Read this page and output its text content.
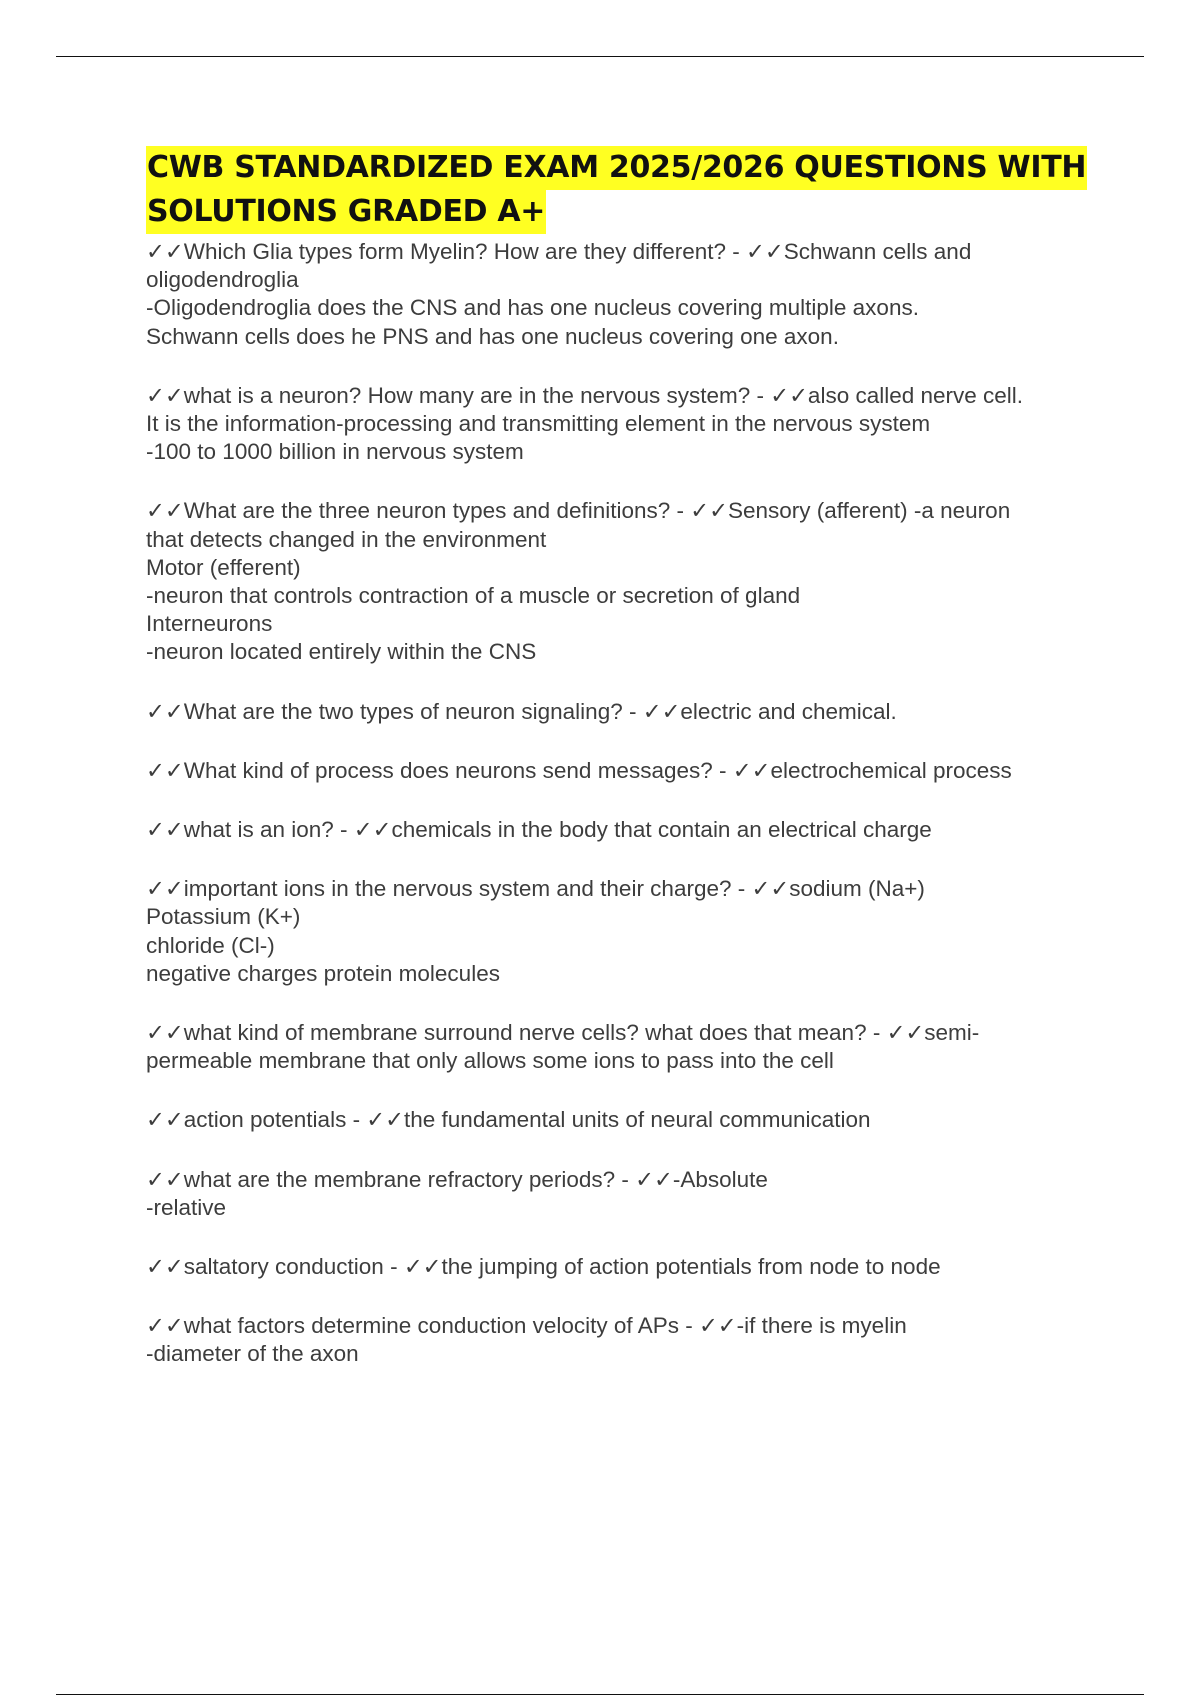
CWB STANDARDIZED EXAM 2025/2026 QUESTIONS WITH
SOLUTIONS GRADED A+

✓✓Which Glia types form Myelin? How are they different? - ✓✓Schwann cells and
oligodendroglia
-Oligodendroglia does the CNS and has one nucleus covering multiple axons.
Schwann cells does he PNS and has one nucleus covering one axon.

✓✓what is a neuron? How many are in the nervous system? - ✓✓also called nerve cell.
It is the information-processing and transmitting element in the nervous system
-100 to 1000 billion in nervous system

✓✓What are the three neuron types and definitions? - ✓✓Sensory (afferent) -a neuron
that detects changed in the environment
Motor (efferent)
-neuron that controls contraction of a muscle or secretion of gland
Interneurons
-neuron located entirely within the CNS

✓✓What are the two types of neuron signaling? - ✓✓electric and chemical.

✓✓What kind of process does neurons send messages? - ✓✓electrochemical process

✓✓what is an ion? - ✓✓chemicals in the body that contain an electrical charge

✓✓important ions in the nervous system and their charge? - ✓✓sodium (Na+)
Potassium (K+)
chloride (Cl-)
negative charges protein molecules

✓✓what kind of membrane surround nerve cells? what does that mean? - ✓✓semi-
permeable membrane that only allows some ions to pass into the cell

✓✓action potentials - ✓✓the fundamental units of neural communication

✓✓what are the membrane refractory periods? - ✓✓-Absolute
-relative

✓✓saltatory conduction - ✓✓the jumping of action potentials from node to node

✓✓what factors determine conduction velocity of APs - ✓✓-if there is myelin
-diameter of the axon
